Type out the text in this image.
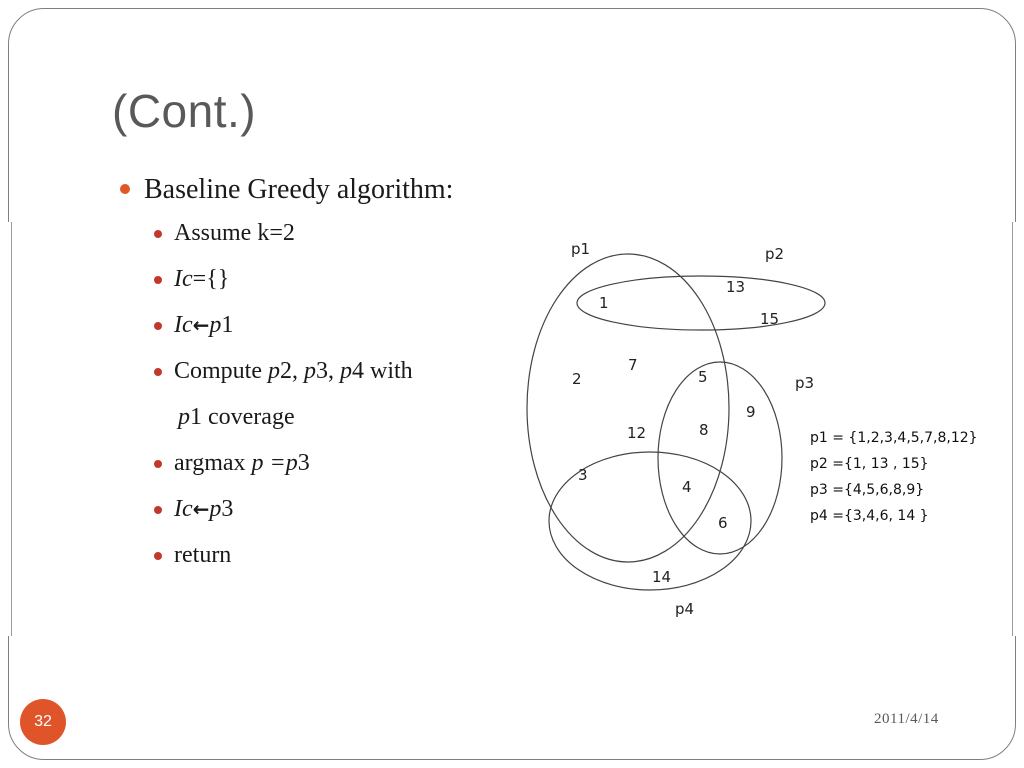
(Cont.)
Baseline Greedy algorithm:
Assume k=2
Ic={}
Ic←p1
Compute p2, p3, p4 with
p1 coverage
argmax p =p3
Ic←p3
return
p1	p2
p3
p4
1
2
3
4
5
6
7
8
9
12
13
14
15
p1 = {1,2,3,4,5,7,8,12}
p2 ={1, 13 , 15}
p3 ={4,5,6,8,9}
p4 ={3,4,6, 14 }
32	2011/4/14
